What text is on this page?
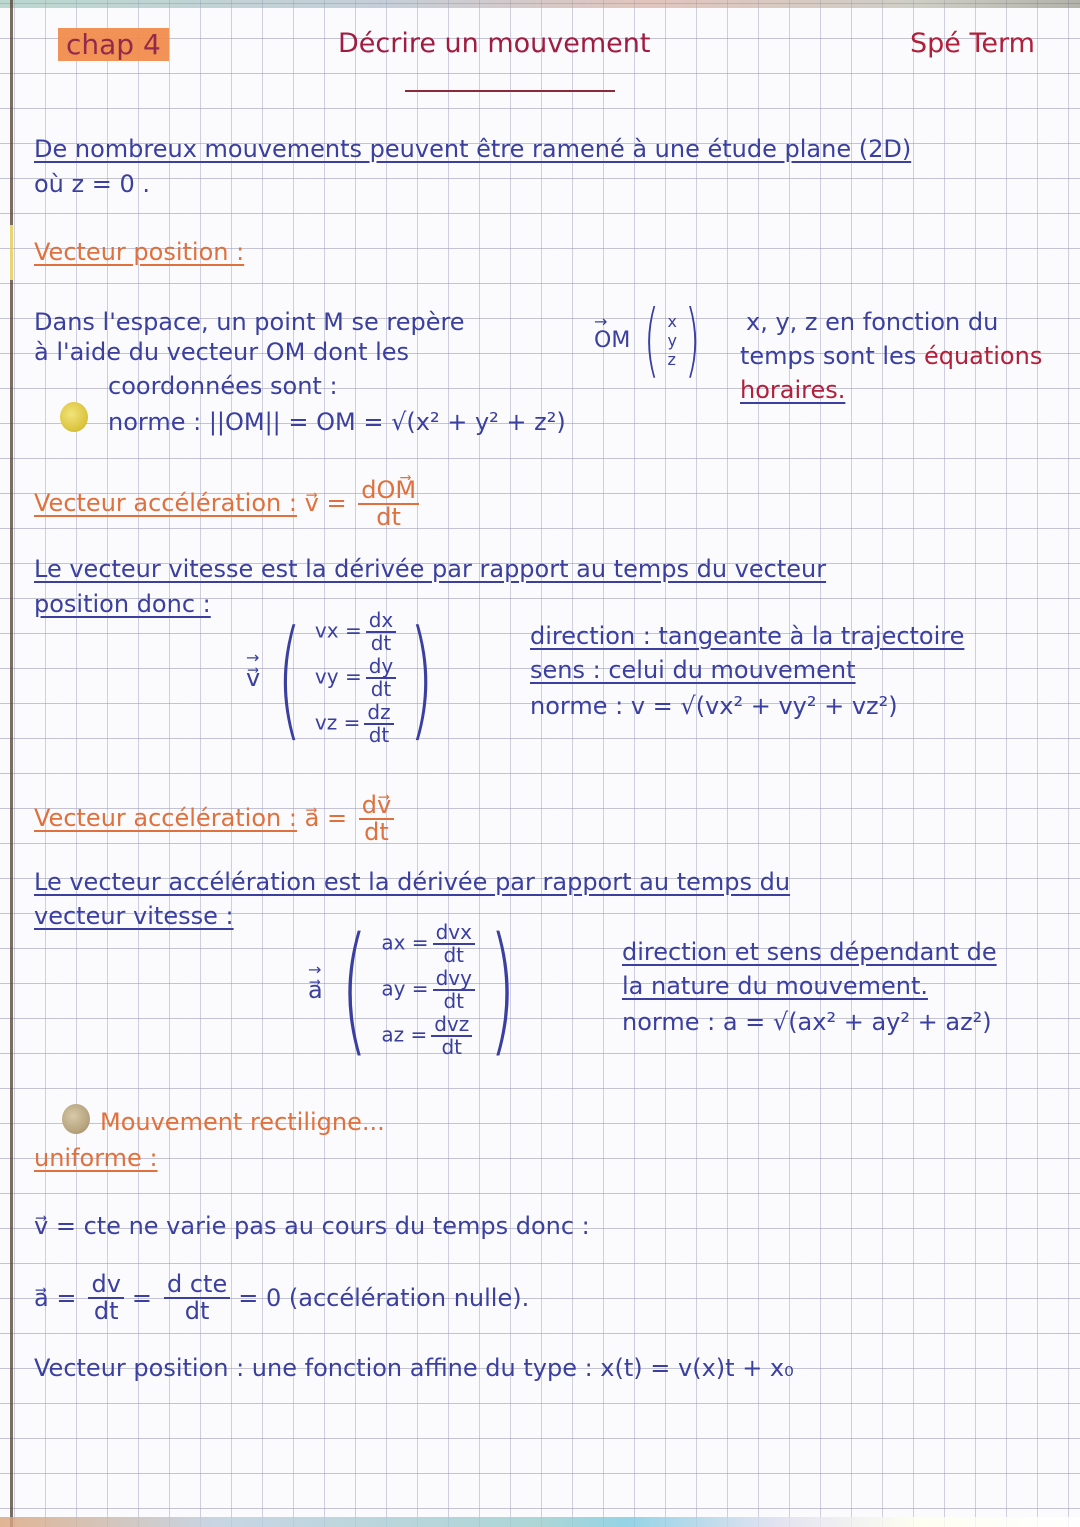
chap 4	Décrire un mouvement	Spé Term
De nombreux mouvements peuvent être ramené à une étude plane (2D)
où z = 0 .
Vecteur position :
Dans l'espace, un point M se repère
à l'aide du vecteur OM dont les
coordonnées sont :
norme : ||OM|| = OM = √(x² + y² + z²)
→ OM ( x
y
z ) x, y, z en fonction du
temps sont les équations
horaires.
Vecteur accélération : v⃗ = $\frac{\text{dOM⃗}}{dt}$
Le vecteur vitesse est la dérivée par rapport au temps du vecteur
position donc :
→ v⃗ ( vx = $\frac{dx}{dt}$
vy = $\frac{dy}{dt}$
vz = $\frac{dz}{dt}$ )	direction : tangeante à la trajectoire
sens : celui du mouvement
norme : v = √(vx² + vy² + vz²)
Vecteur accélération : a⃗ = $\frac{dv⃗}{dt}$
Le vecteur accélération est la dérivée par rapport au temps du
vecteur vitesse :
→ a⃗ ( ax = $\frac{\text{dvx}}{dt}$
ay = $\frac{\text{dvy}}{dt}$
az = $\frac{\text{dvz}}{dt}$ )	direction et sens dépendant de
la nature du mouvement.
norme : a = √(ax² + ay² + az²)
Mouvement rectiligne...
uniforme :
v⃗ = cte ne varie pas au cours du temps donc :
a⃗ = $\frac{dv}{dt} = \frac{\text{d cte}}{dt} = 0$ (accélération nulle).
Vecteur position : une fonction affine du type : x(t) = v(x)t + x₀
